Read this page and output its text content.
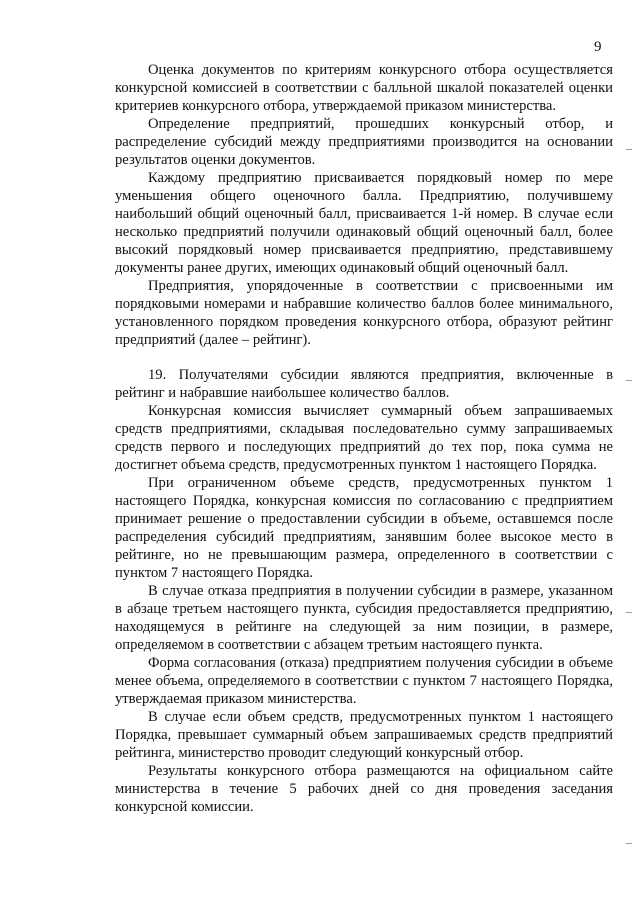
9

Оценка документов по критериям конкурсного отбора осуществляется конкурсной комиссией в соответствии с балльной шкалой показателей оценки критериев конкурсного отбора, утверждаемой приказом министерства.

Определение предприятий, прошедших конкурсный отбор, и распределение субсидий между предприятиями производится на основании результатов оценки документов.

Каждому предприятию присваивается порядковый номер по мере уменьшения общего оценочного балла. Предприятию, получившему наибольший общий оценочный балл, присваивается 1-й номер. В случае если несколько предприятий получили одинаковый общий оценочный балл, более высокий порядковый номер присваивается предприятию, представившему документы ранее других, имеющих одинаковый общий оценочный балл.

Предприятия, упорядоченные в соответствии с присвоенными им порядковыми номерами и набравшие количество баллов более минимального, установленного порядком проведения конкурсного отбора, образуют рейтинг предприятий (далее – рейтинг).

19. Получателями субсидии являются предприятия, включенные в рейтинг и набравшие наибольшее количество баллов.

Конкурсная комиссия вычисляет суммарный объем запрашиваемых средств предприятиями, складывая последовательно сумму запрашиваемых средств первого и последующих предприятий до тех пор, пока сумма не достигнет объема средств, предусмотренных пунктом 1 настоящего Порядка.

При ограниченном объеме средств, предусмотренных пунктом 1 настоящего Порядка, конкурсная комиссия по согласованию с предприятием принимает решение о предоставлении субсидии в объеме, оставшемся после распределения субсидий предприятиям, занявшим более высокое место в рейтинге, но не превышающим размера, определенного в соответствии с пунктом 7 настоящего Порядка.

В случае отказа предприятия в получении субсидии в размере, указанном в абзаце третьем настоящего пункта, субсидия предоставляется предприятию, находящемуся в рейтинге на следующей за ним позиции, в размере, определяемом в соответствии с абзацем третьим настоящего пункта.

Форма согласования (отказа) предприятием получения субсидии в объеме менее объема, определяемого в соответствии с пунктом 7 настоящего Порядка, утверждаемая приказом министерства.

В случае если объем средств, предусмотренных пунктом 1 настоящего Порядка, превышает суммарный объем запрашиваемых средств предприятий рейтинга, министерство проводит следующий конкурсный отбор.

Результаты конкурсного отбора размещаются на официальном сайте министерства в течение 5 рабочих дней со дня проведения заседания конкурсной комиссии.
